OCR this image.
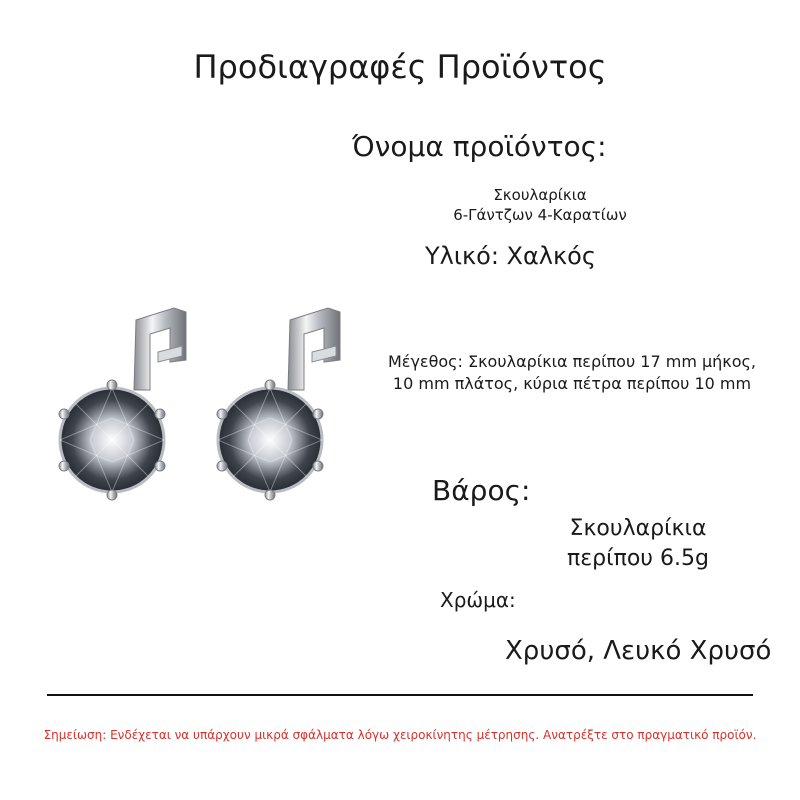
Προδιαγραφές Προϊόντος
Όνομα προϊόντος:
Σκουλαρίκια
6-Γάντζων 4-Καρατίων
Υλικό: Χαλκός
Μέγεθος: Σκουλαρίκια περίπου 17 mm μήκος,
10 mm πλάτος, κύρια πέτρα περίπου 10 mm
Βάρος:
Σκουλαρίκια
περίπου 6.5g
Χρώμα:
Χρυσό, Λευκό Χρυσό
Σημείωση: Ενδέχεται να υπάρχουν μικρά σφάλματα λόγω χειροκίνητης μέτρησης. Ανατρέξτε στο πραγματικό προϊόν.
